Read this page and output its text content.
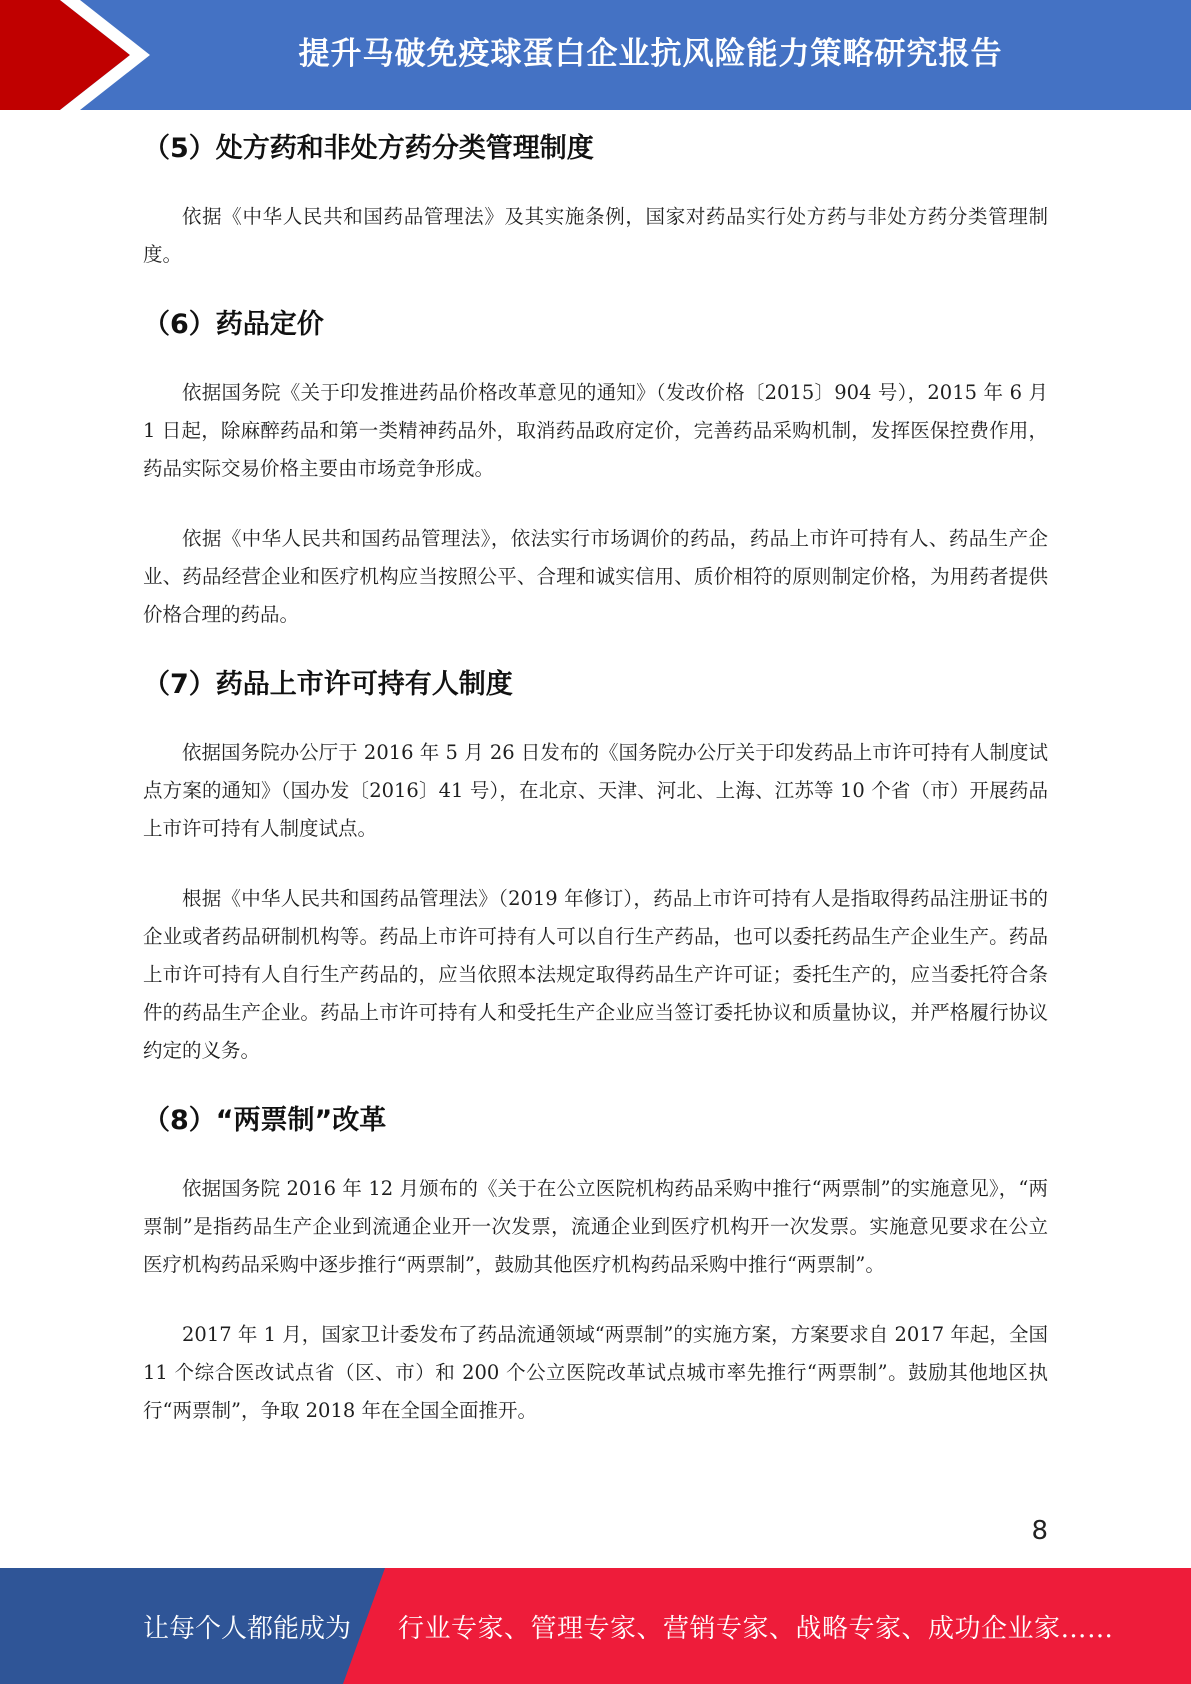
提升马破免疫球蛋白企业抗风险能力策略研究报告
（5）处方药和非处方药分类管理制度

依据《中华人民共和国药品管理法》及其实施条例，国家对药品实行处方药与非处方药分类管理制度。

（6）药品定价

依据国务院《关于印发推进药品价格改革意见的通知》（发改价格〔2015〕904 号），2015 年 6 月 1 日起，除麻醉药品和第一类精神药品外，取消药品政府定价，完善药品采购机制，发挥医保控费作用，药品实际交易价格主要由市场竞争形成。

依据《中华人民共和国药品管理法》，依法实行市场调价的药品，药品上市许可持有人、药品生产企业、药品经营企业和医疗机构应当按照公平、合理和诚实信用、质价相符的原则制定价格，为用药者提供价格合理的药品。

（7）药品上市许可持有人制度

依据国务院办公厅于 2016 年 5 月 26 日发布的《国务院办公厅关于印发药品上市许可持有人制度试点方案的通知》（国办发〔2016〕41 号），在北京、天津、河北、上海、江苏等 10 个省（市）开展药品上市许可持有人制度试点。

根据《中华人民共和国药品管理法》（2019 年修订），药品上市许可持有人是指取得药品注册证书的企业或者药品研制机构等。药品上市许可持有人可以自行生产药品，也可以委托药品生产企业生产。药品上市许可持有人自行生产药品的，应当依照本法规定取得药品生产许可证；委托生产的，应当委托符合条件的药品生产企业。药品上市许可持有人和受托生产企业应当签订委托协议和质量协议，并严格履行协议约定的义务。

（8）“两票制”改革

依据国务院 2016 年 12 月颁布的《关于在公立医院机构药品采购中推行“两票制”的实施意见》，“两票制”是指药品生产企业到流通企业开一次发票，流通企业到医疗机构开一次发票。实施意见要求在公立医疗机构药品采购中逐步推行“两票制”，鼓励其他医疗机构药品采购中推行“两票制”。

2017 年 1 月，国家卫计委发布了药品流通领域“两票制”的实施方案，方案要求自 2017 年起，全国 11 个综合医改试点省（区、市）和 200 个公立医院改革试点城市率先推行“两票制”。鼓励其他地区执行“两票制”，争取 2018 年在全国全面推开。

8
让每个人都能成为 行业专家、管理专家、营销专家、战略专家、成功企业家……
